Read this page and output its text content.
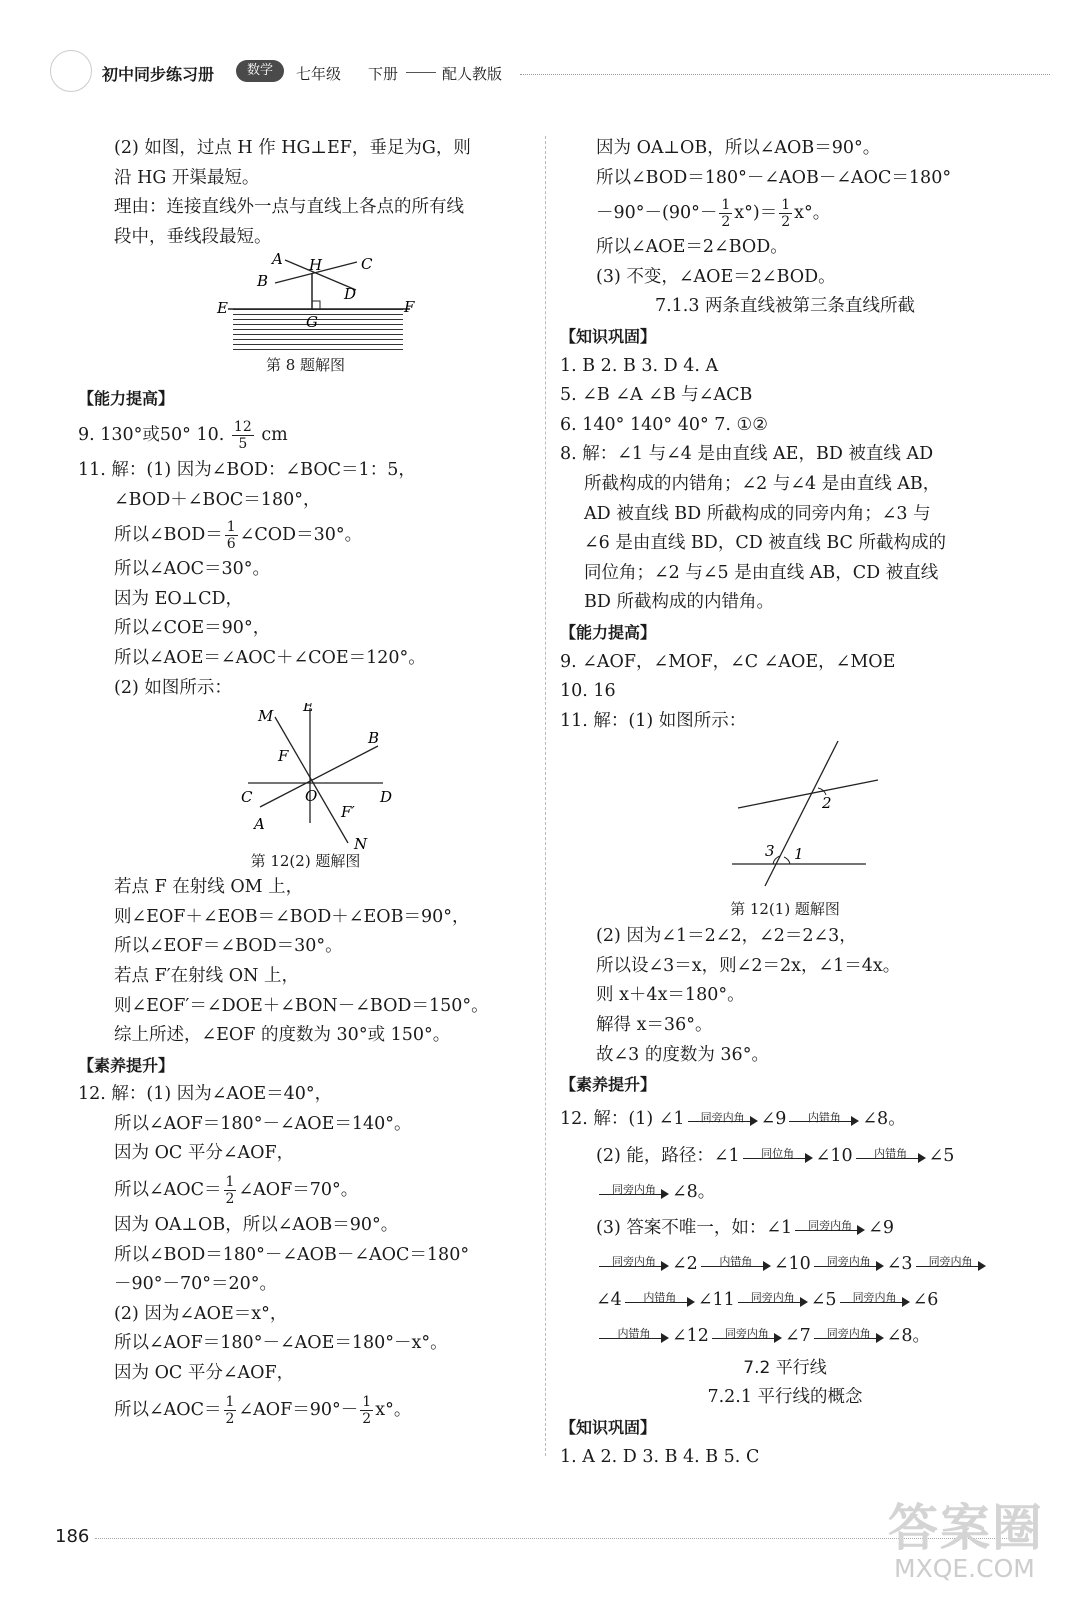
初中同步练习册	数学	七年级 下册	配人教版
(2) 如图，过点 H 作 HG⊥EF，垂足为G，则
沿 HG 开渠最短。
理由：连接直线外一点与直线上各点的所有线
段中，垂线段最短。
A H	C
B
D
E	F
G
第 8 题解图
【能力提高】
9. 130°或50° 10. $\frac{12}{5}$ cm
11. 解：(1) 因为∠BOD：∠BOC＝1：5，
∠BOD＋∠BOC＝180°，
所以∠BOD＝ $\frac{1}{6}$ ∠COD＝30°。
所以∠AOC＝30°。
因为 EO⊥CD，
所以∠COE＝90°，
所以∠AOE＝∠AOC＋∠COE＝120°。
(2) 如图所示：
M
E
B
F
C	O	D
F′
A
N
第 12(2) 题解图
若点 F 在射线 OM 上，
则∠EOF＋∠EOB＝∠BOD＋∠EOB＝90°，
所以∠EOF＝∠BOD＝30°。
若点 F′在射线 ON 上，
则∠EOF′＝∠DOE＋∠BON－∠BOD＝150°。
综上所述，∠EOF 的度数为 30°或 150°。
【素养提升】
12. 解：(1) 因为∠AOE＝40°，
所以∠AOF＝180°－∠AOE＝140°。
因为 OC 平分∠AOF，
所以∠AOC＝ $\frac{1}{2}$ ∠AOF＝70°。
因为 OA⊥OB，所以∠AOB＝90°。
所以∠BOD＝180°－∠AOB－∠AOC＝180°
－90°－70°＝20°。
(2) 因为∠AOE＝x°，
所以∠AOF＝180°－∠AOE＝180°－x°。
因为 OC 平分∠AOF，
所以∠AOC＝ $\frac{1}{2}$ ∠AOF＝90°－ $\frac{1}{2} x^\circ$。
因为 OA⊥OB，所以∠AOB＝90°。
所以∠BOD＝180°－∠AOB－∠AOC＝180°
$-90^\circ-(90^\circ- \frac{1}{2} x^\circ)= \frac{1}{2} x^\circ$。
所以∠AOE＝2∠BOD。
(3) 不变，∠AOE＝2∠BOD。
7.1.3 两条直线被第三条直线所截
【知识巩固】
1. B 2. B 3. D 4. A
5. ∠B ∠A ∠B 与∠ACB
6. 140° 140° 40° 7. ①②
8. 解：∠1 与∠4 是由直线 AE，BD 被直线 AD
所截构成的内错角；∠2 与∠4 是由直线 AB，
AD 被直线 BD 所截构成的同旁内角；∠3 与
∠6 是由直线 BD，CD 被直线 BC 所截构成的
同位角；∠2 与∠5 是由直线 AB，CD 被直线
BD 所截构成的内错角。
【能力提高】
9. ∠AOF，∠MOF，∠C ∠AOE，∠MOE
10. 16
11. 解：(1) 如图所示：
2
3 1
第 12(1) 题解图
(2) 因为∠1＝2∠2，∠2＝2∠3，
所以设∠3＝x，则∠2＝2x，∠1＝4x。
则 x＋4x＝180°。
解得 x＝36°。
故∠3 的度数为 36°。
【素养提升】
12. 解：(1) ∠1	同旁内角 ∠9	内错角	∠8。
(2) 能，路径：∠1	同位角	∠10	内错角	∠5
同旁内角 ∠8。
(3) 答案不唯一，如：∠1	同旁内角 ∠9
同旁内角 ∠2	内错角	∠10	同旁内角 ∠3	同旁内角
∠4	内错角	∠11	同旁内角 ∠5	同旁内角 ∠6
内错角	∠12	同旁内角 ∠7	同旁内角 ∠8。
7.2 平行线
7.2.1 平行线的概念
【知识巩固】
1. A 2. D 3. B 4. B 5. C
186	答案圈
MXQE.COM
